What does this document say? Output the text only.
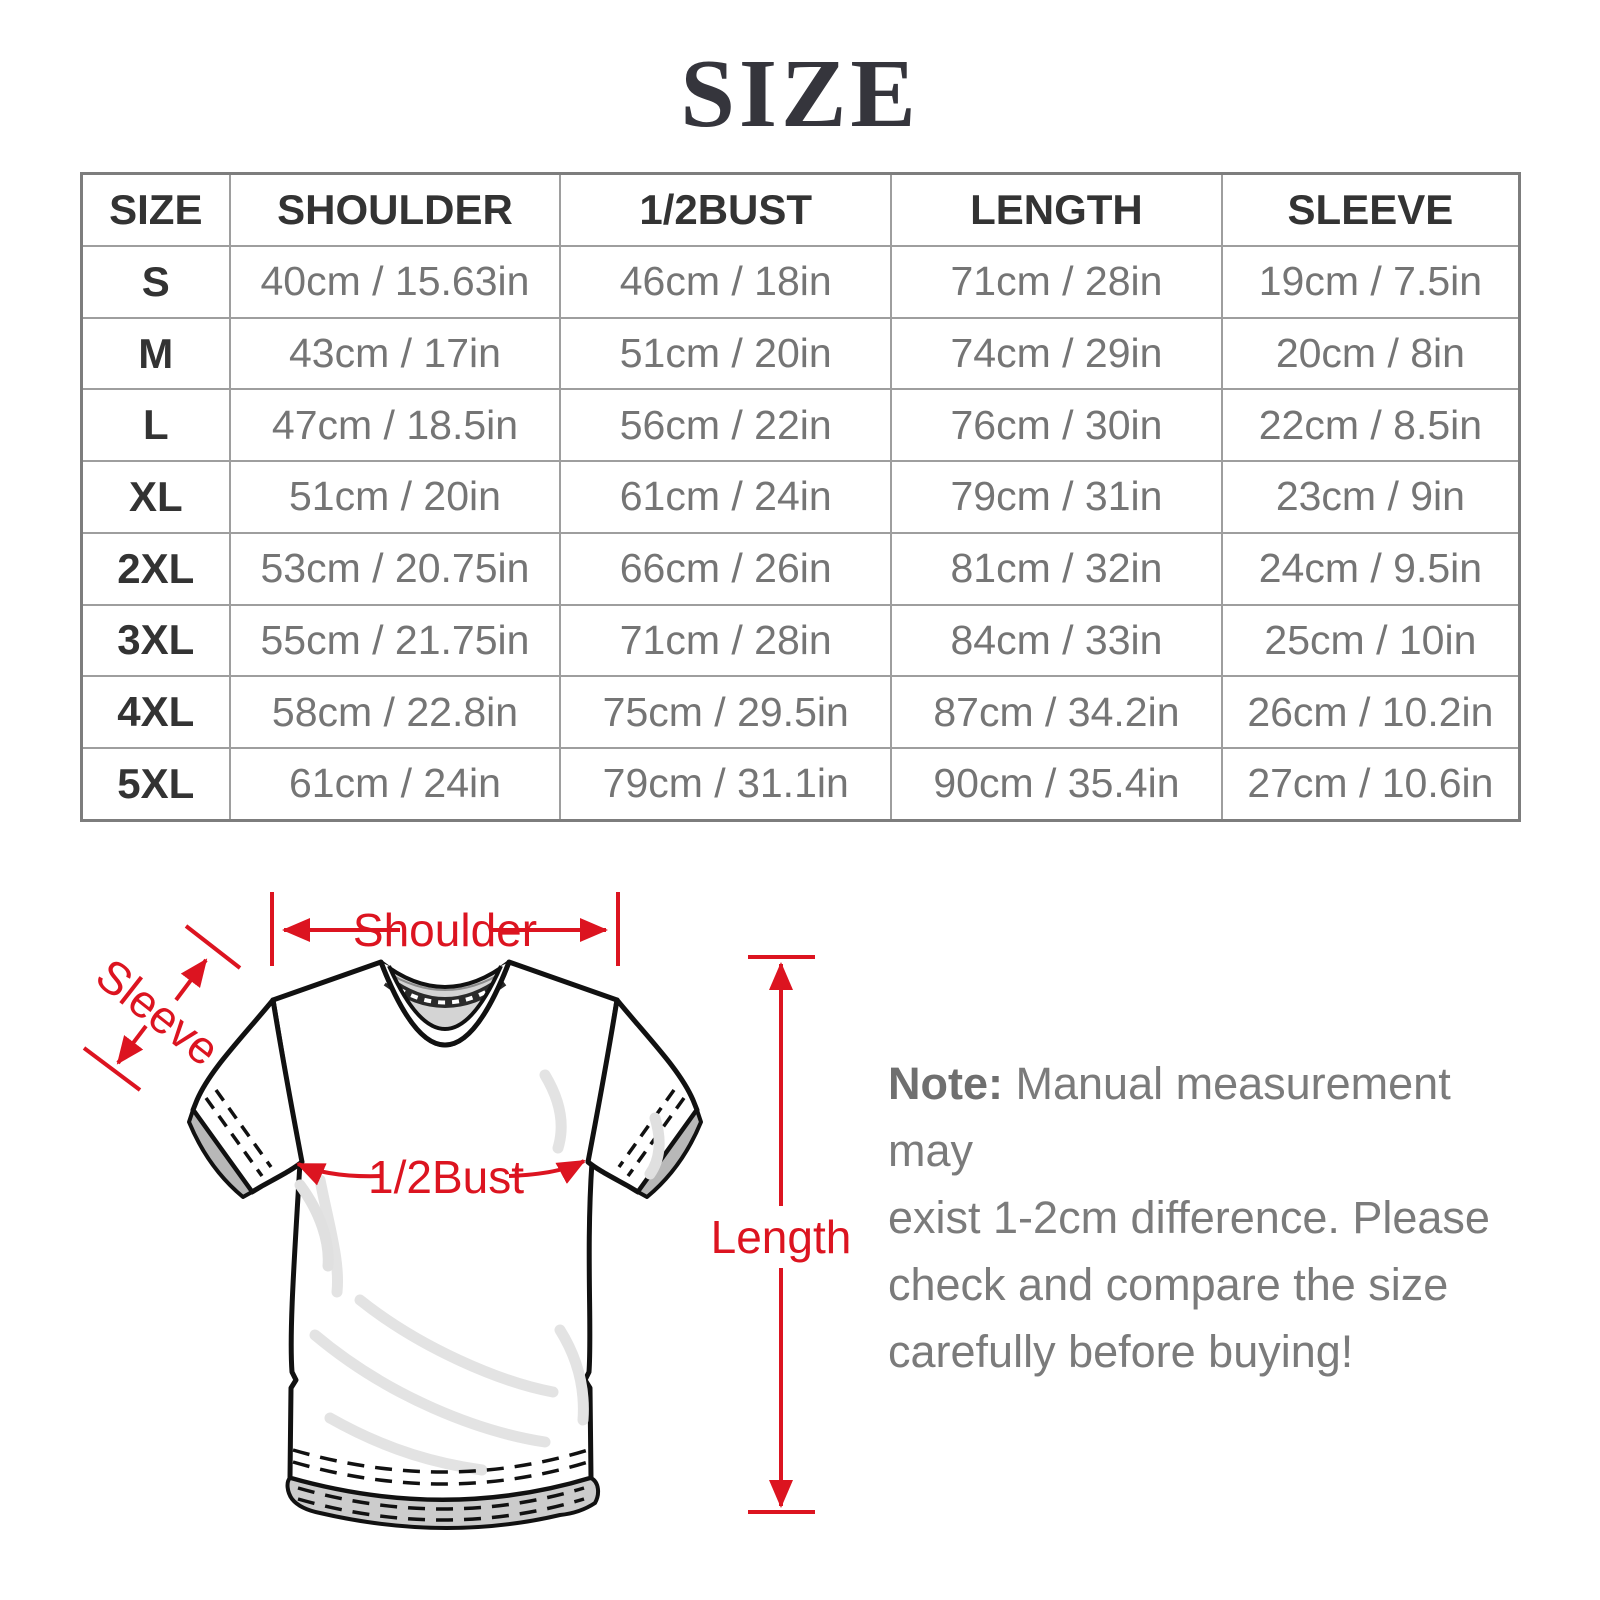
SIZE
SIZE	SHOULDER	1/2BUST	LENGTH	SLEEVE
S	40cm / 15.63in	46cm / 18in	71cm / 28in	19cm / 7.5in
M	43cm / 17in	51cm / 20in	74cm / 29in	20cm / 8in
L	47cm / 18.5in	56cm / 22in	76cm / 30in	22cm / 8.5in
XL	51cm / 20in	61cm / 24in	79cm / 31in	23cm / 9in
2XL	53cm / 20.75in	66cm / 26in	81cm / 32in	24cm / 9.5in
3XL	55cm / 21.75in	71cm / 28in	84cm / 33in	25cm / 10in
4XL	58cm / 22.8in	75cm / 29.5in	87cm / 34.2in	26cm / 10.2in
5XL	61cm / 24in	79cm / 31.1in	90cm / 35.4in	27cm / 10.6in
Shoulder
Sleeve
1/2Bust
Length
Note: Manual measurement may
exist 1-2cm difference. Please
check and compare the size
carefully before buying!
